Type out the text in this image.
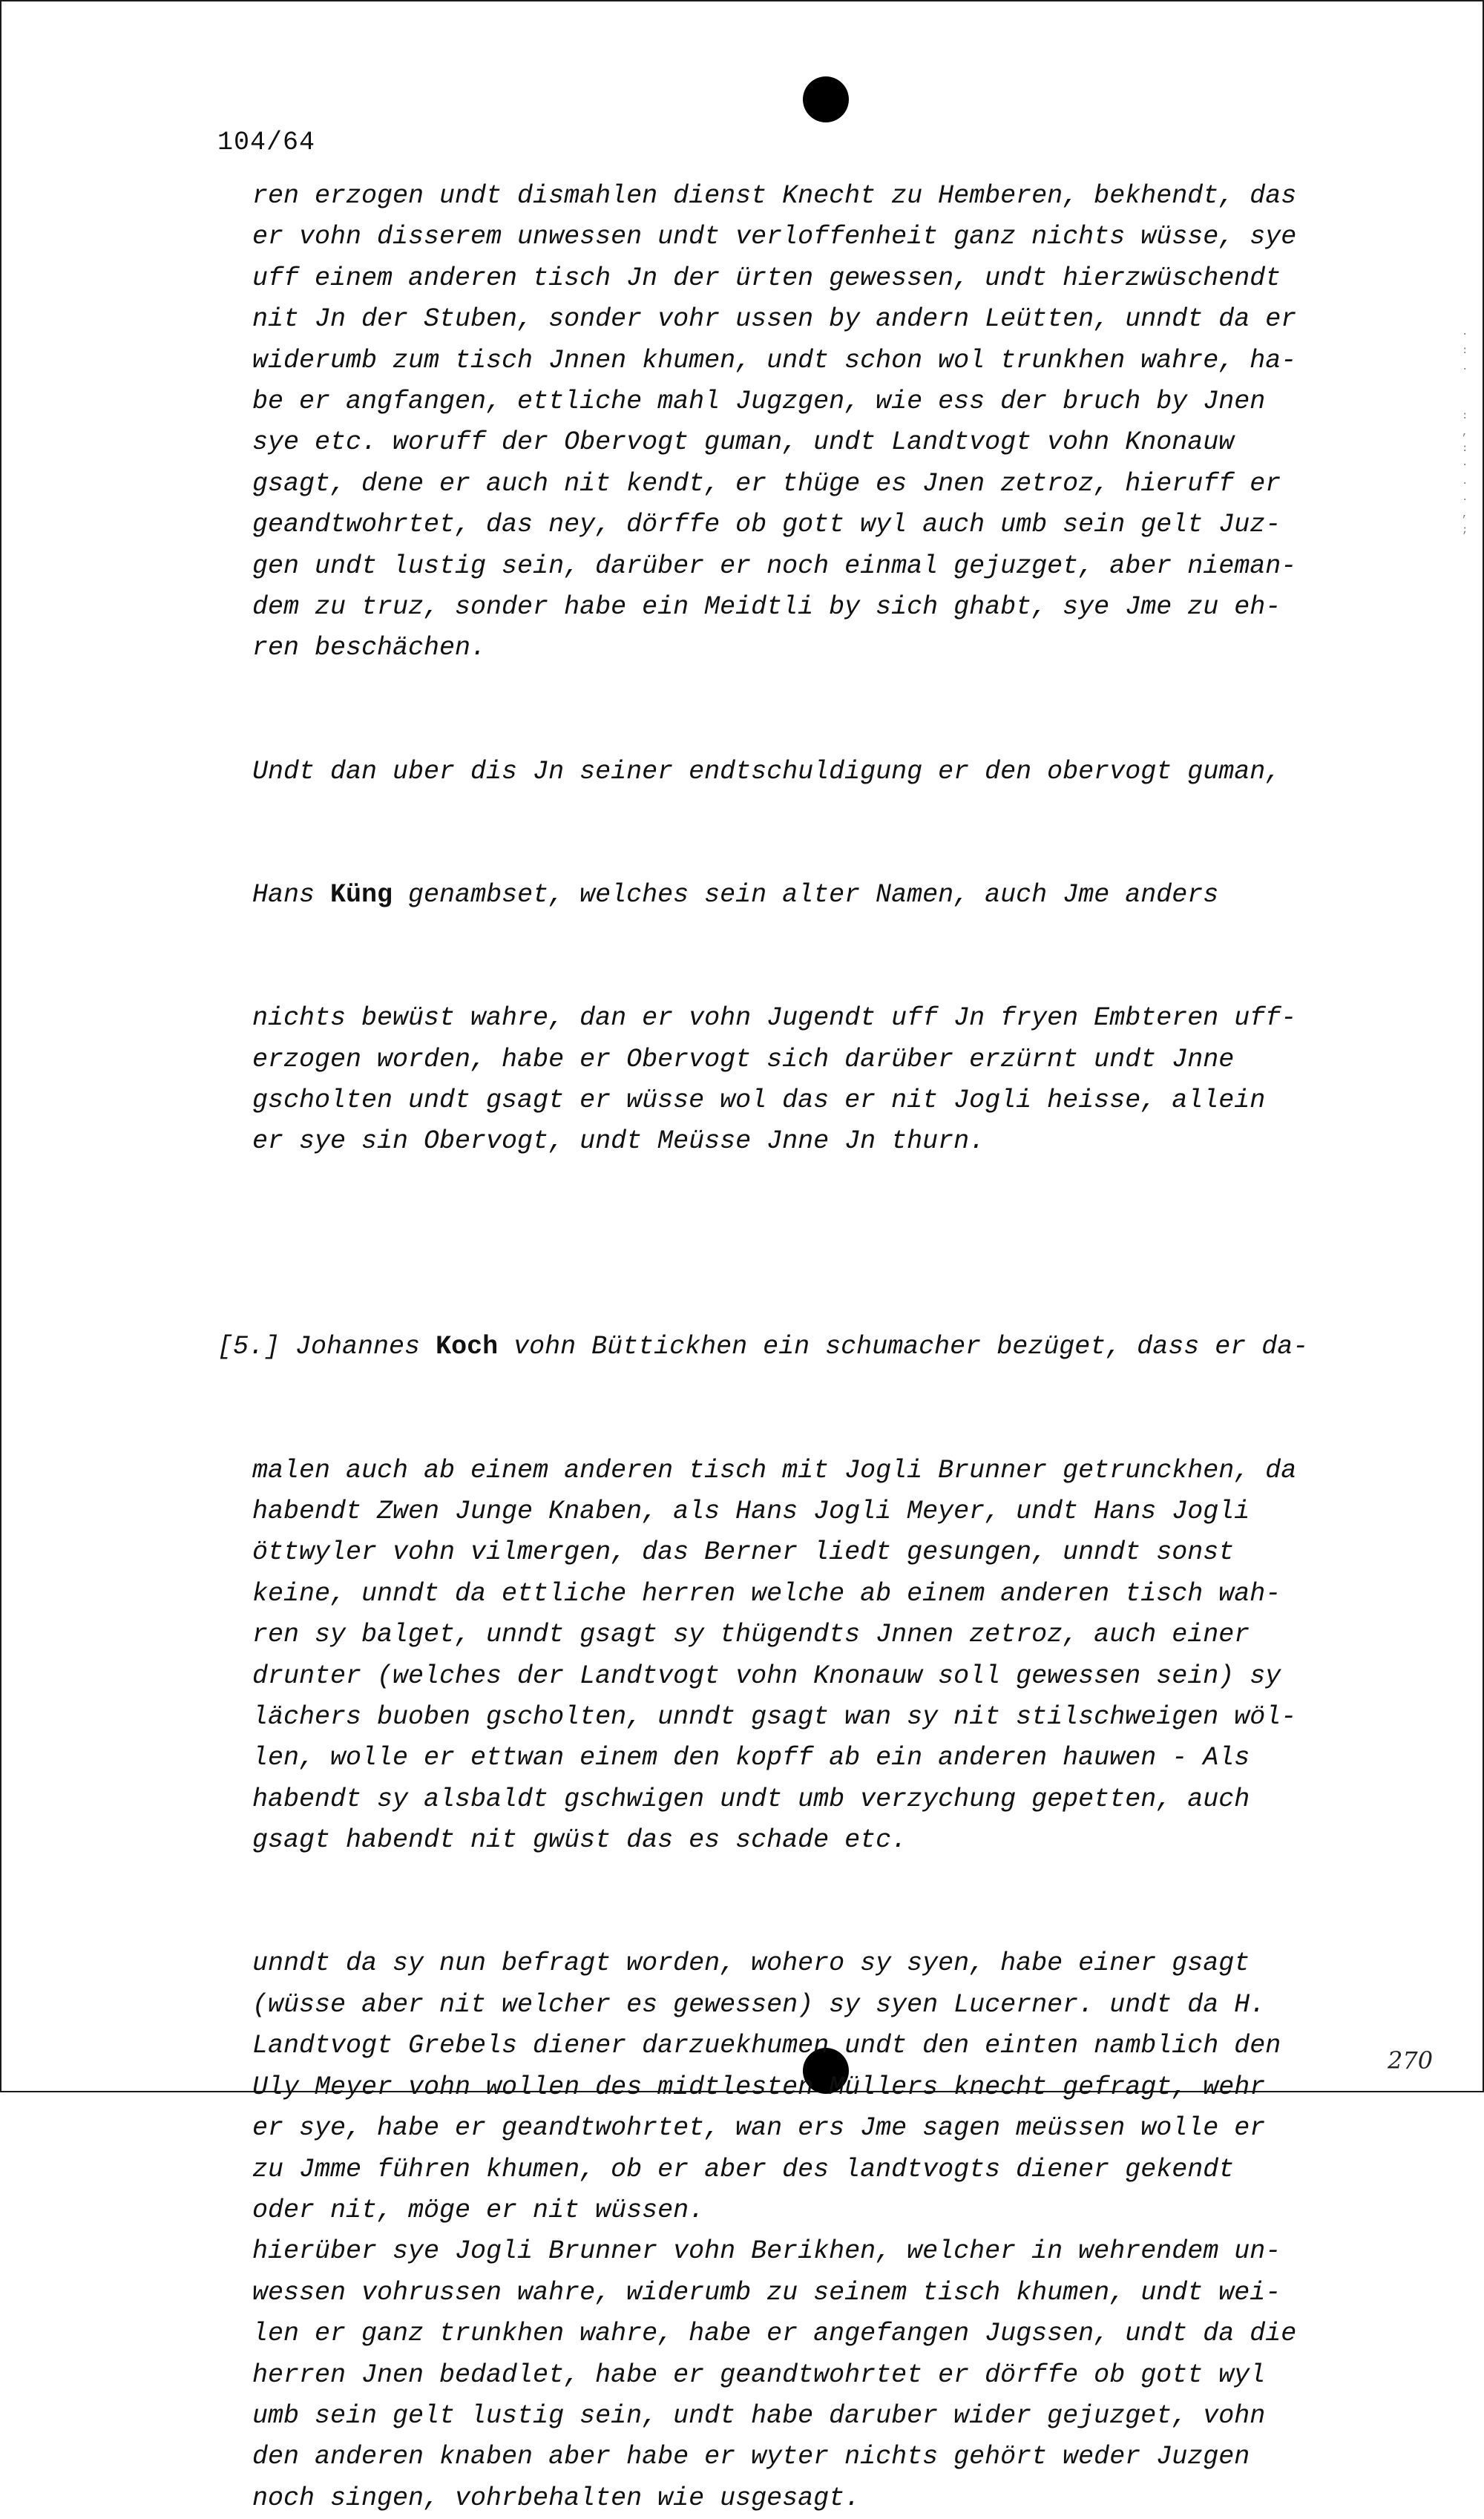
104/64
·
:
.

:
,
:
·
.
.
,
;

ren erzogen undt dismahlen dienst Knecht zu Hemberen, bekhendt, das
er vohn disserem unwessen undt verloffenheit ganz nichts wüsse, sye
uff einem anderen tisch Jn der ürten gewessen, undt hierzwüschendt
nit Jn der Stuben, sonder vohr ussen by andern Leütten, unndt da er
widerumb zum tisch Jnnen khumen, undt schon wol trunkhen wahre, ha-
be er angfangen, ettliche mahl Jugzgen, wie ess der bruch by Jnen
sye etc. woruff der Obervogt guman, undt Landtvogt vohn Knonauw
gsagt, dene er auch nit kendt, er thüge es Jnen zetroz, hieruff er
geandtwohrtet, das ney, dörffe ob gott wyl auch umb sein gelt Juz-
gen undt lustig sein, darüber er noch einmal gejuzget, aber nieman-
dem zu truz, sonder habe ein Meidtli by sich ghabt, sye Jme zu eh-
ren beschächen.

Undt dan uber dis Jn seiner endtschuldigung er den obervogt guman,

Hans Küng genambset, welches sein alter Namen, auch Jme anders

nichts bewüst wahre, dan er vohn Jugendt uff Jn fryen Embteren uff-
erzogen worden, habe er Obervogt sich darüber erzürnt undt Jnne
gscholten undt gsagt er wüsse wol das er nit Jogli heisse, allein
er sye sin Obervogt, undt Meüsse Jnne Jn thurn.

[5.] Johannes Koch vohn Büttickhen ein schumacher bezüget, dass er da-

malen auch ab einem anderen tisch mit Jogli Brunner getrunckhen, da
habendt Zwen Junge Knaben, als Hans Jogli Meyer, undt Hans Jogli
öttwyler vohn vilmergen, das Berner liedt gesungen, unndt sonst
keine, unndt da ettliche herren welche ab einem anderen tisch wah-
ren sy balget, unndt gsagt sy thügendts Jnnen zetroz, auch einer
drunter (welches der Landtvogt vohn Knonauw soll gewessen sein) sy
lächers buoben gscholten, unndt gsagt wan sy nit stilschweigen wöl-
len, wolle er ettwan einem den kopff ab ein anderen hauwen - Als
habendt sy alsbaldt gschwigen undt umb verzychung gepetten, auch
gsagt habendt nit gwüst das es schade etc.

unndt da sy nun befragt worden, wohero sy syen, habe einer gsagt
(wüsse aber nit welcher es gewessen) sy syen Lucerner. undt da H.
Landtvogt Grebels diener darzuekhumen undt den einten namblich den
Uly Meyer vohn wollen des midtlesten Müllers knecht gefragt, wehr
er sye, habe er geandtwohrtet, wan ers Jme sagen meüssen wolle er
zu Jmme führen khumen, ob er aber des landtvogts diener gekendt
oder nit, möge er nit wüssen.

hierüber sye Jogli Brunner vohn Berikhen, welcher in wehrendem un-
wessen vohrussen wahre, widerumb zu seinem tisch khumen, undt wei-
len er ganz trunkhen wahre, habe er angefangen Jugssen, undt da die
herren Jnen bedadlet, habe er geandtwohrtet er dörffe ob gott wyl
umb sein gelt lustig sein, undt habe daruber wider gejuzget, vohn
den anderen knaben aber habe er wyter nichts gehört weder Juzgen
noch singen, vohrbehalten wie usgesagt.

270
